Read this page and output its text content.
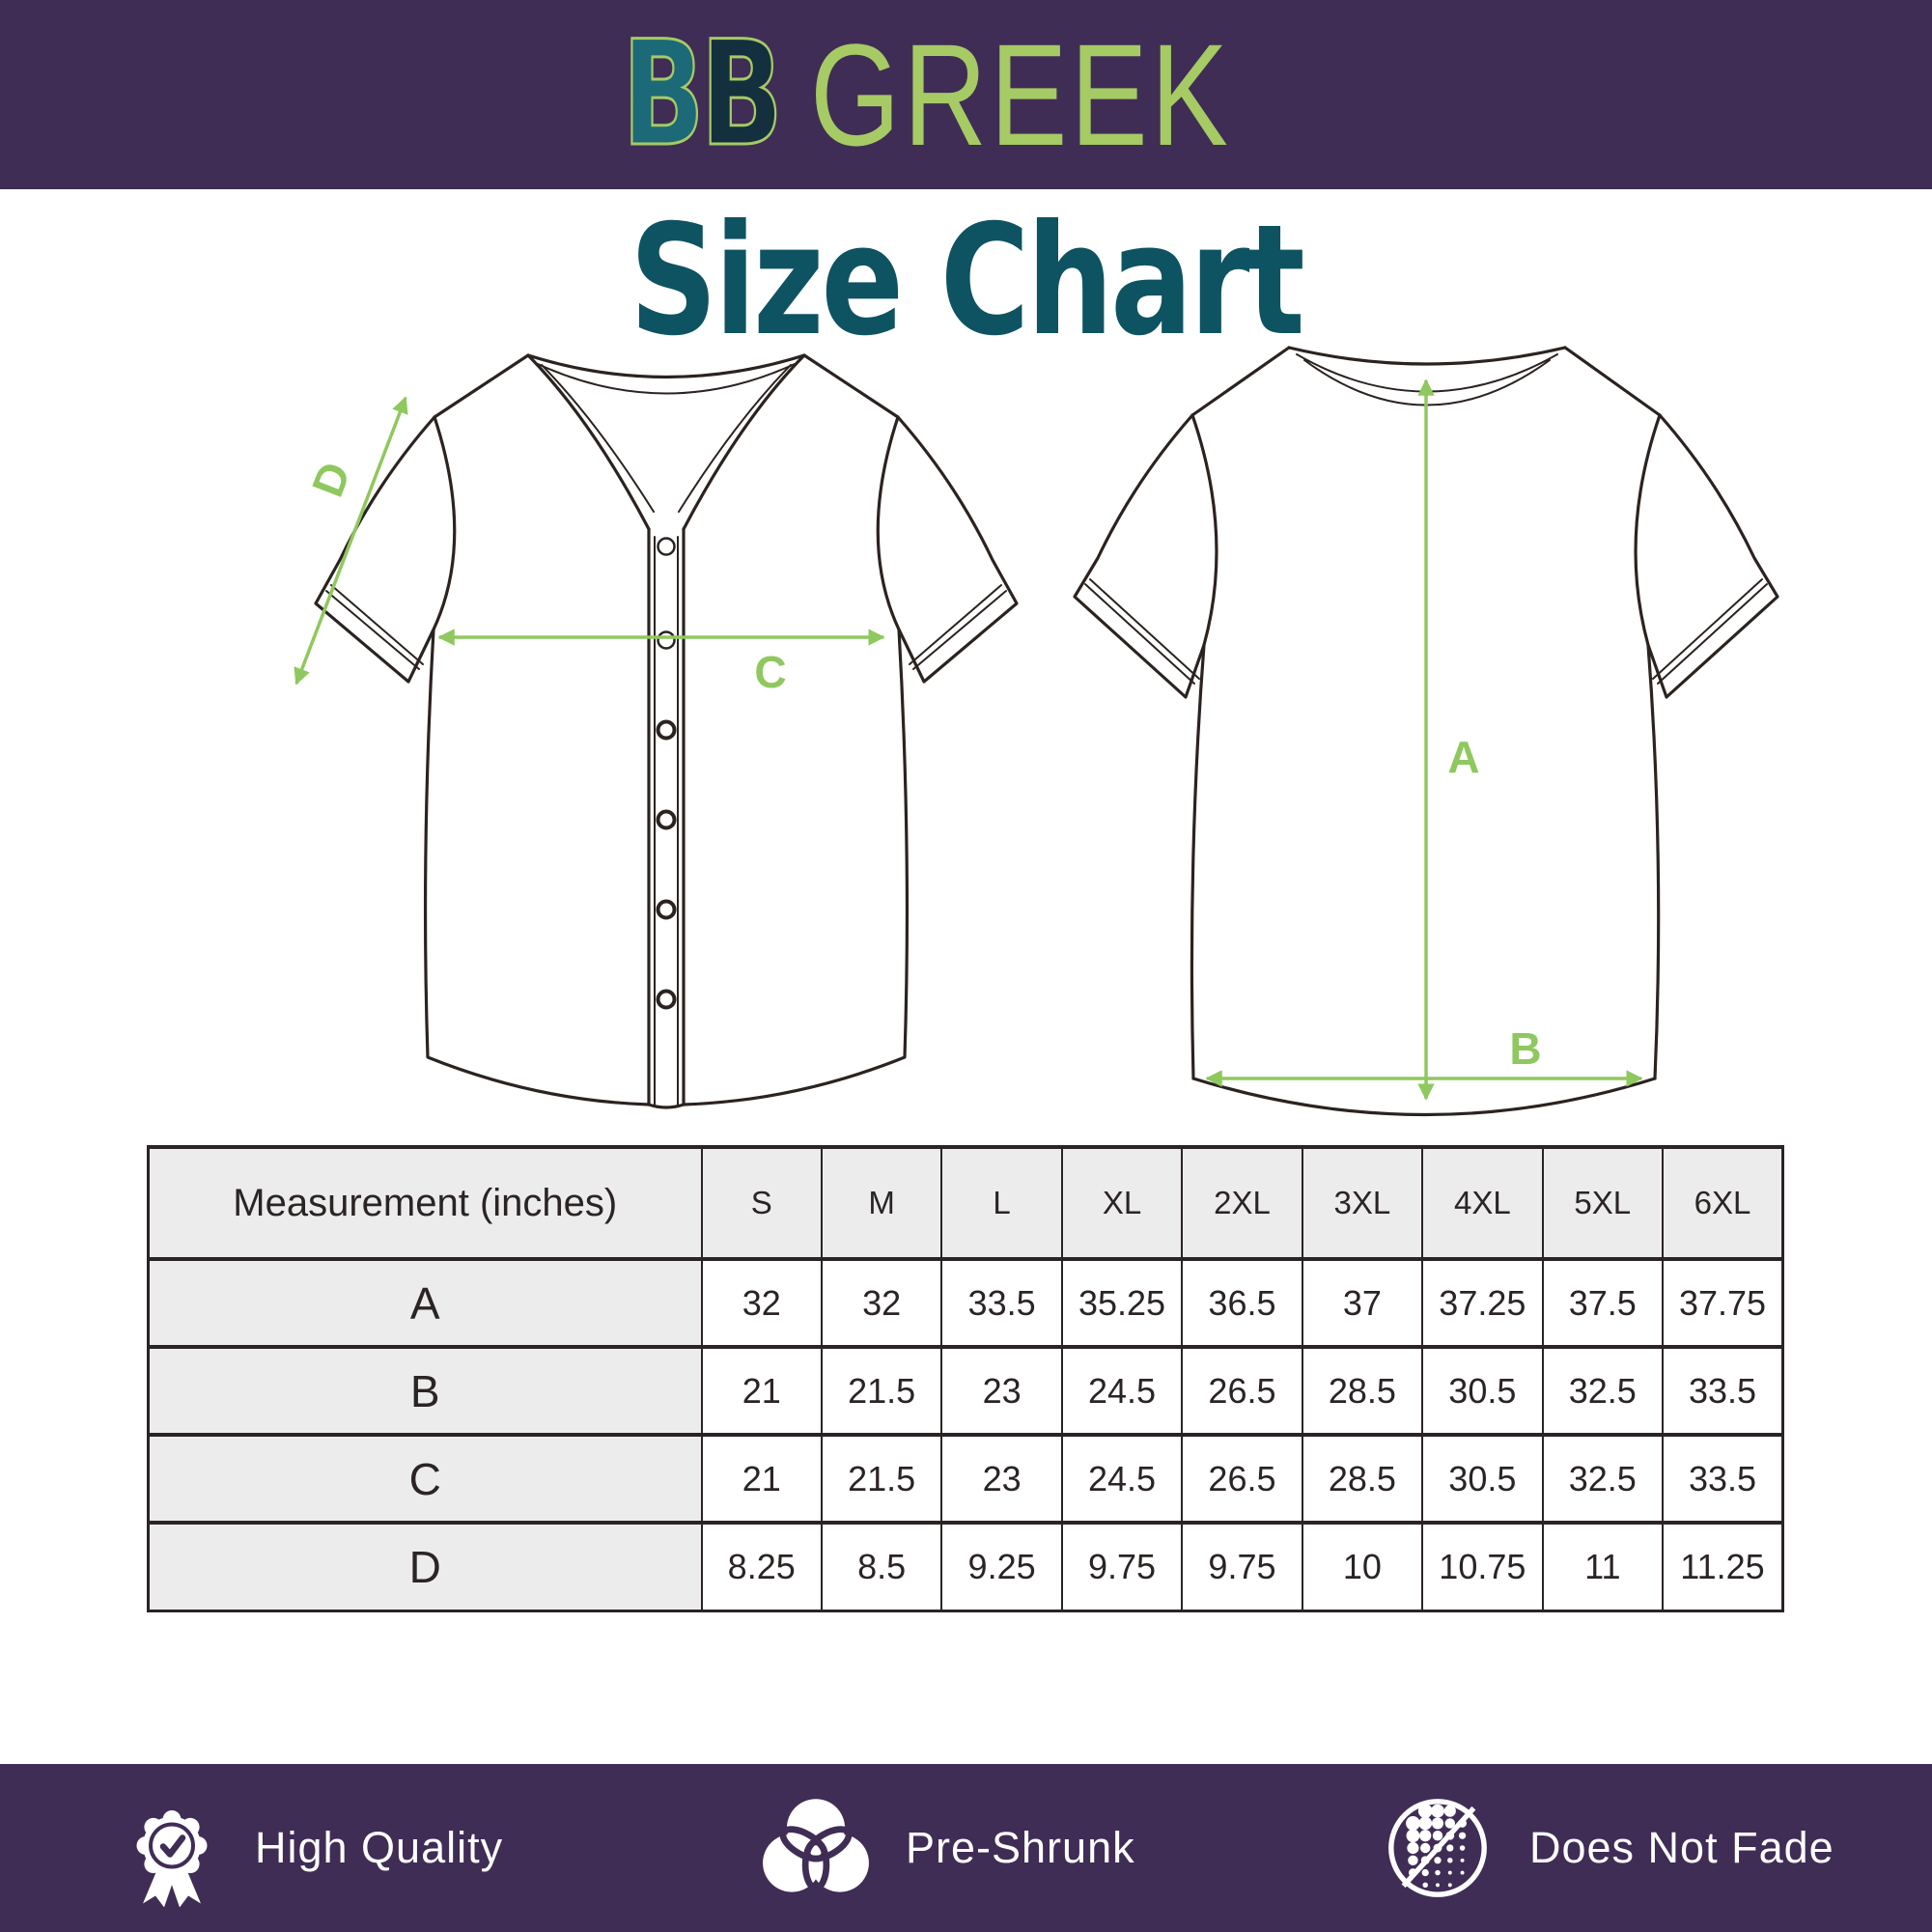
BB GREEK
Size Chart
D
C
A
B
Measurement (inches)	S	M	L	XL	2XL	3XL	4XL	5XL	6XL
A	32	32	33.5	35.25	36.5	37	37.25	37.5	37.75
B	21	21.5	23	24.5	26.5	28.5	30.5	32.5	33.5
C	21	21.5	23	24.5	26.5	28.5	30.5	32.5	33.5
D	8.25	8.5	9.25	9.75	9.75	10	10.75	11	11.25
High Quality	Pre-Shrunk	Does Not Fade
